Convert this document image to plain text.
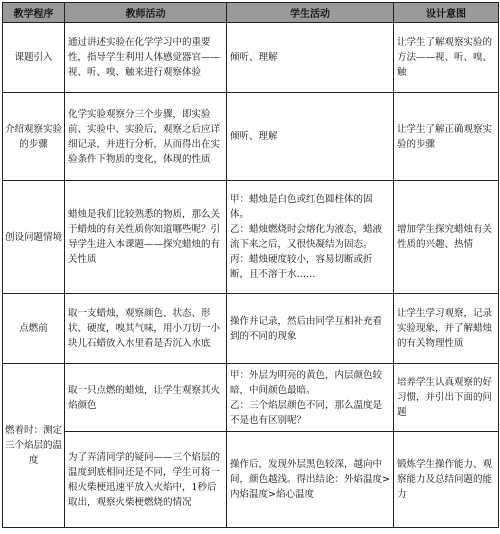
教学程序	教师活动	学生活动	设计意图
课题引入	通过讲述实验在化学学习中的重要性，指导学生利用人体感觉器官——视、听、嗅、触来进行观察体验	倾听、理解	让学生了解观察实验的方法——视、听、嗅、触
介绍观察实验的步骤	化学实验观察分三个步骤，即实验前、实验中、实验后，观察之后应详细记录，并进行分析，从而得出在实验条件下物质的变化，体现的性质	倾听、理解	让学生了解正确观察实验的步骤
创设问题情境	蜡烛是我们比较熟悉的物质，那么关于蜡烛的有关性质你知道哪些呢？引导学生进入本课题——探究蜡烛的有关性质	甲：蜡烛是白色或红色圆柱体的固体。
乙：蜡烛燃烧时会熔化为液态，蜡液流下来之后，又很快凝结为固态。
丙：蜡烛硬度较小，容易切断或折断，且不溶于水……	增加学生探究蜡烛有关性质的兴趣、热情
点燃前	取一支蜡烛，观察颜色、状态、形状、硬度，嗅其气味，用小刀切一小块儿石蜡放入水里看是否沉入水底	操作并记录，然后由同学互相补充看到的不同的现象	让学生学习观察，记录实验现象，并了解蜡烛的有关物理性质
燃着时：测定三个焰层的温度	取一只点燃的蜡烛，让学生观察其火焰颜色	甲：外层为明亮的黄色，内层颜色较暗，中间颜色最暗。
乙：三个焰层颜色不同，那么温度是不是也有区别呢？	培养学生认真观察的好习惯，并引出下面的问题
	为了弄清同学的疑问——三个焰层的温度到底相同还是不同，学生可将一根火柴梗迅速平放入火焰中，1秒后取出，观察火柴梗燃烧的情况	操作后，发现外层黑色较深，越向中间，颜色越浅。得出结论：外焰温度>内焰温度>焰心温度	锻炼学生操作能力、观察能力及总结问题的能力
